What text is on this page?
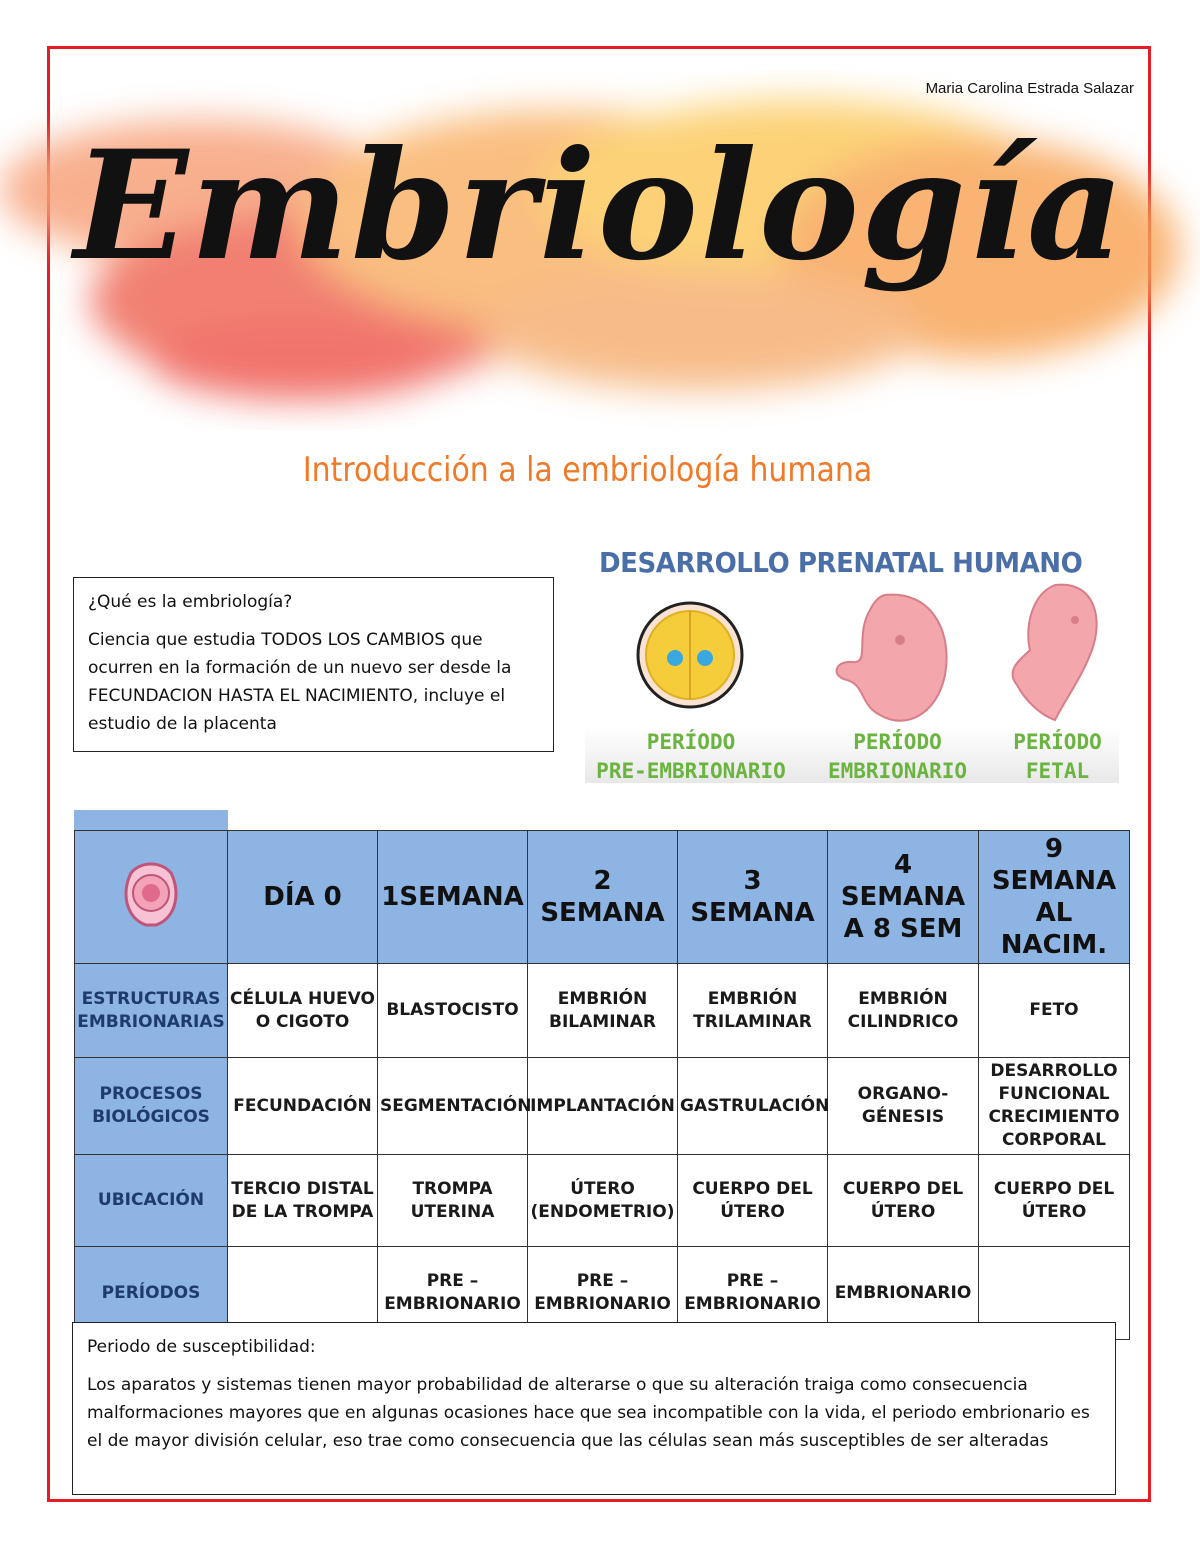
Maria Carolina Estrada Salazar
Embriología
Introducción a la embriología humana

¿Qué es la embriología?

Ciencia que estudia TODOS LOS CAMBIOS que ocurren en la formación de un nuevo ser desde la FECUNDACION HASTA EL NACIMIENTO, incluye el estudio de la placenta

DESARROLLO PRENATAL HUMANO
PERÍODO
PRE-EMBRIONARIO
PERÍODO
EMBRIONARIO
PERÍODO
FETAL
	DÍA 0	1SEMANA	2 SEMANA	3 SEMANA	4 SEMANA A 8 SEM	9 SEMANA AL NACIM.
ESTRUCTURAS EMBRIONARIAS	CÉLULA HUEVO O CIGOTO	BLASTOCISTO	EMBRIÓN BILAMINAR	EMBRIÓN TRILAMINAR	EMBRIÓN CILINDRICO	FETO
PROCESOS BIOLÓGICOS	FECUNDACIÓN	SEGMENTACIÓN	IMPLANTACIÓN	GASTRULACIÓN	ORGANO-GÉNESIS	DESARROLLO FUNCIONAL CRECIMIENTO CORPORAL
UBICACIÓN	TERCIO DISTAL DE LA TROMPA	TROMPA UTERINA	ÚTERO (ENDOMETRIO)	CUERPO DEL ÚTERO	CUERPO DEL ÚTERO	CUERPO DEL ÚTERO
PERÍODOS		PRE – EMBRIONARIO	PRE – EMBRIONARIO	PRE – EMBRIONARIO	EMBRIONARIO	

Periodo de susceptibilidad:

Los aparatos y sistemas tienen mayor probabilidad de alterarse o que su alteración traiga como consecuencia malformaciones mayores que en algunas ocasiones hace que sea incompatible con la vida, el periodo embrionario es el de mayor división celular, eso trae como consecuencia que las células sean más susceptibles de ser alteradas
